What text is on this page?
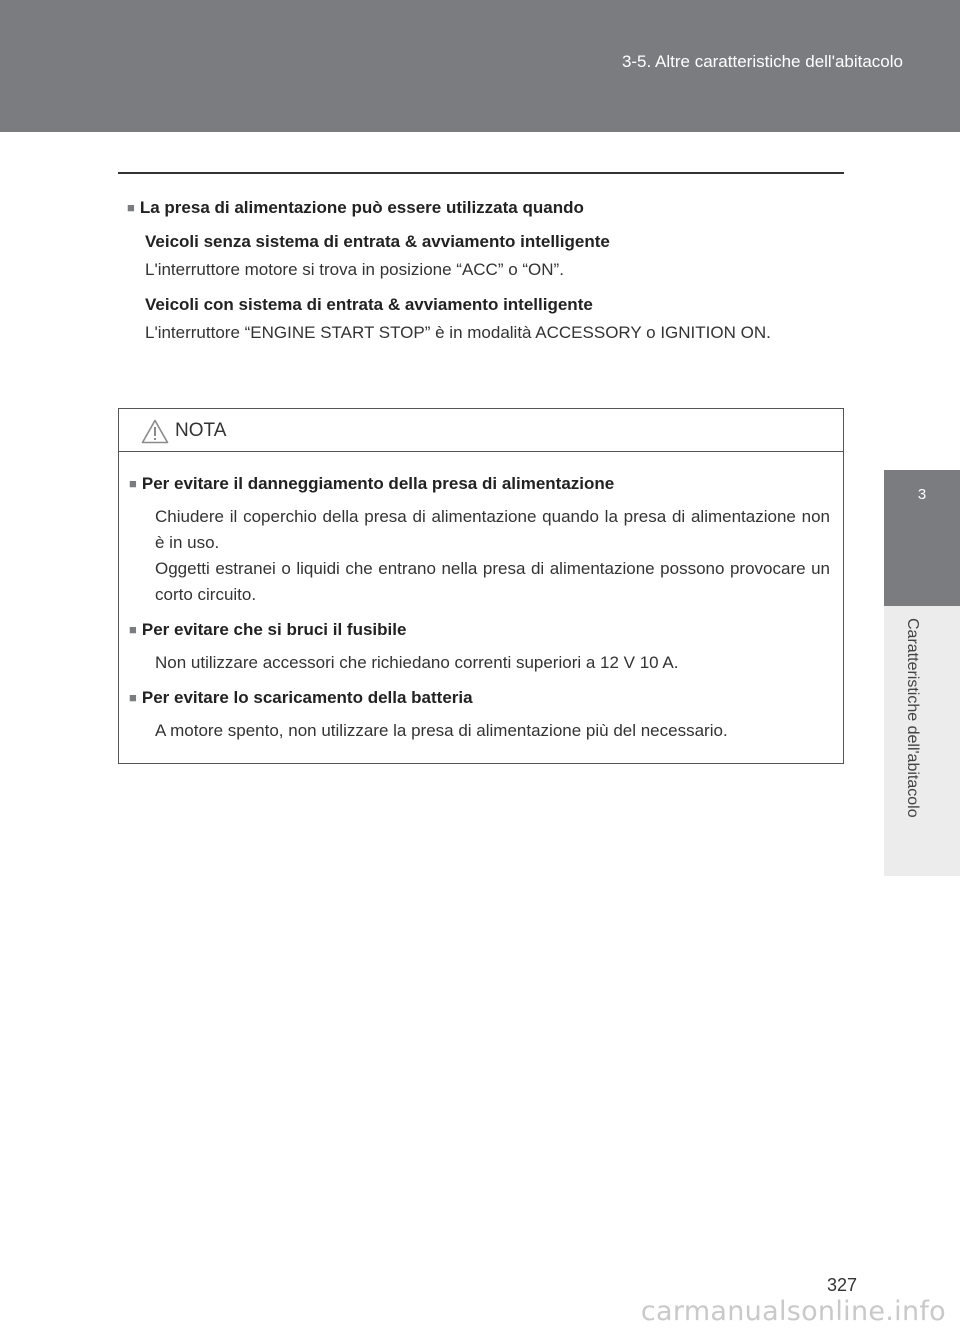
3-5. Altre caratteristiche dell'abitacolo
3
Caratteristiche dell'abitacolo

■ La presa di alimentazione può essere utilizzata quando

Veicoli senza sistema di entrata & avviamento intelligente

L'interruttore motore si trova in posizione “ACC” o “ON”.

Veicoli con sistema di entrata & avviamento intelligente

L'interruttore “ENGINE START STOP” è in modalità ACCESSORY o IGNITION ON.

NOTA

■ Per evitare il danneggiamento della presa di alimentazione

Chiudere il coperchio della presa di alimentazione quando la presa di alimentazione non è in uso.

Oggetti estranei o liquidi che entrano nella presa di alimentazione possono provocare un corto circuito.

■ Per evitare che si bruci il fusibile

Non utilizzare accessori che richiedano correnti superiori a 12 V 10 A.

■ Per evitare lo scaricamento della batteria

A motore spento, non utilizzare la presa di alimentazione più del necessario.

327
carmanualsonline.info
